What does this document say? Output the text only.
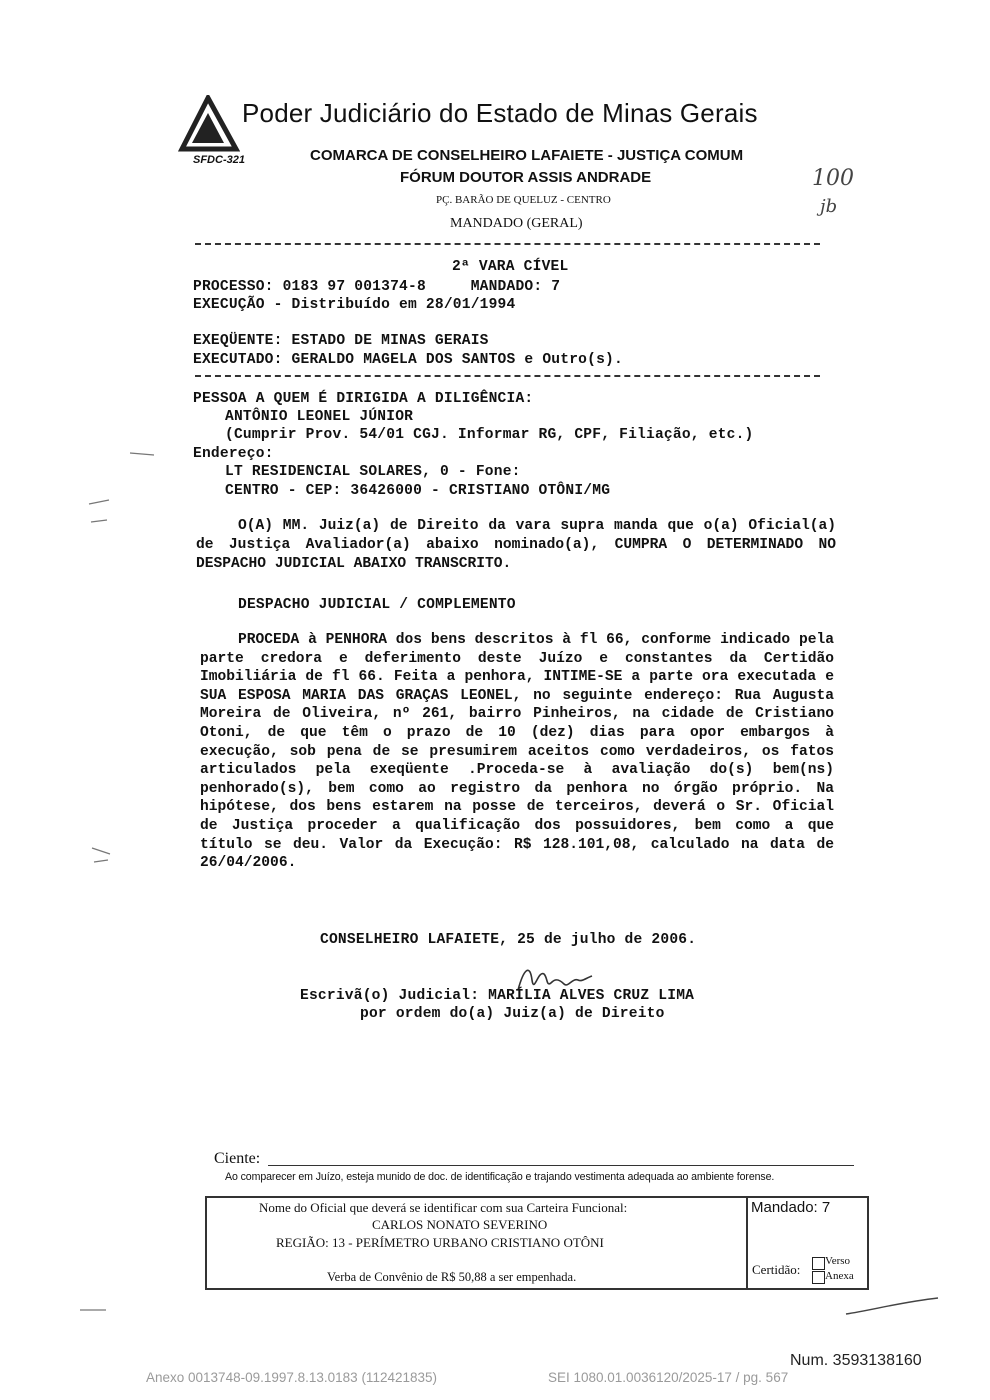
Poder Judiciário do Estado de Minas Gerais
SFDC-321	COMARCA DE CONSELHEIRO LAFAIETE - JUSTIÇA COMUM
FÓRUM DOUTOR ASSIS ANDRADE
PÇ. BARÃO DE QUELUZ - CENTRO
MANDADO (GERAL)
100
jb
2ª VARA CÍVEL
PROCESSO: 0183 97 001374-8     MANDADO: 7
EXECUÇÃO - Distribuído em 28/01/1994
EXEQÜENTE: ESTADO DE MINAS GERAIS
EXECUTADO: GERALDO MAGELA DOS SANTOS e Outro(s).
PESSOA A QUEM É DIRIGIDA A DILIGÊNCIA:
ANTÔNIO LEONEL JÚNIOR
(Cumprir Prov. 54/01 CGJ. Informar RG, CPF, Filiação, etc.)
Endereço:
LT RESIDENCIAL SOLARES, 0 - Fone:
CENTRO - CEP: 36426000 - CRISTIANO OTÔNI/MG
O(A) MM. Juiz(a) de Direito da vara supra manda que o(a) Oficial(a) de Justiça Avaliador(a) abaixo nominado(a), CUMPRA O DETERMINADO NO DESPACHO JUDICIAL ABAIXO TRANSCRITO.
DESPACHO JUDICIAL / COMPLEMENTO
PROCEDA à PENHORA dos bens descritos à fl 66, conforme indicado pela parte credora e deferimento deste Juízo e constantes da Certidão Imobiliária de fl 66. Feita a penhora, INTIME-SE a parte ora executada e SUA ESPOSA MARIA DAS GRAÇAS LEONEL, no seguinte endereço: Rua Augusta Moreira de Oliveira, nº 261, bairro Pinheiros, na cidade de Cristiano Otoni, de que têm o prazo de 10 (dez) dias para opor embargos à execução, sob pena de se presumirem aceitos como verdadeiros, os fatos articulados pela exeqüente .Proceda-se à avaliação do(s) bem(ns) penhorado(s), bem como ao registro da penhora no órgão próprio. Na hipótese, dos bens estarem na posse de terceiros, deverá o Sr. Oficial de Justiça proceder a qualificação dos possuidores, bem como a que título se deu. Valor da Execução: R$ 128.101,08, calculado na data de 26/04/2006.
CONSELHEIRO LAFAIETE, 25 de julho de 2006.
Escrivã(o) Judicial: MARÍLIA ALVES CRUZ LIMA
por ordem do(a) Juiz(a) de Direito
Ciente:
Ao comparecer em Juízo, esteja munido de doc. de identificação e trajando vestimenta adequada ao ambiente forense.
Nome do Oficial que deverá se identificar com sua Carteira Funcional:
CARLOS NONATO SEVERINO
REGIÃO: 13 - PERÍMETRO URBANO CRISTIANO OTÔNI
Verba de Convênio de R$ 50,88 a ser empenhada.
Mandado: 7
Certidão:
Verso
Anexa
Num. 3593138160
Anexo 0013748-09.1997.8.13.0183 (112421835)	SEI 1080.01.0036120/2025-17 / pg. 567
